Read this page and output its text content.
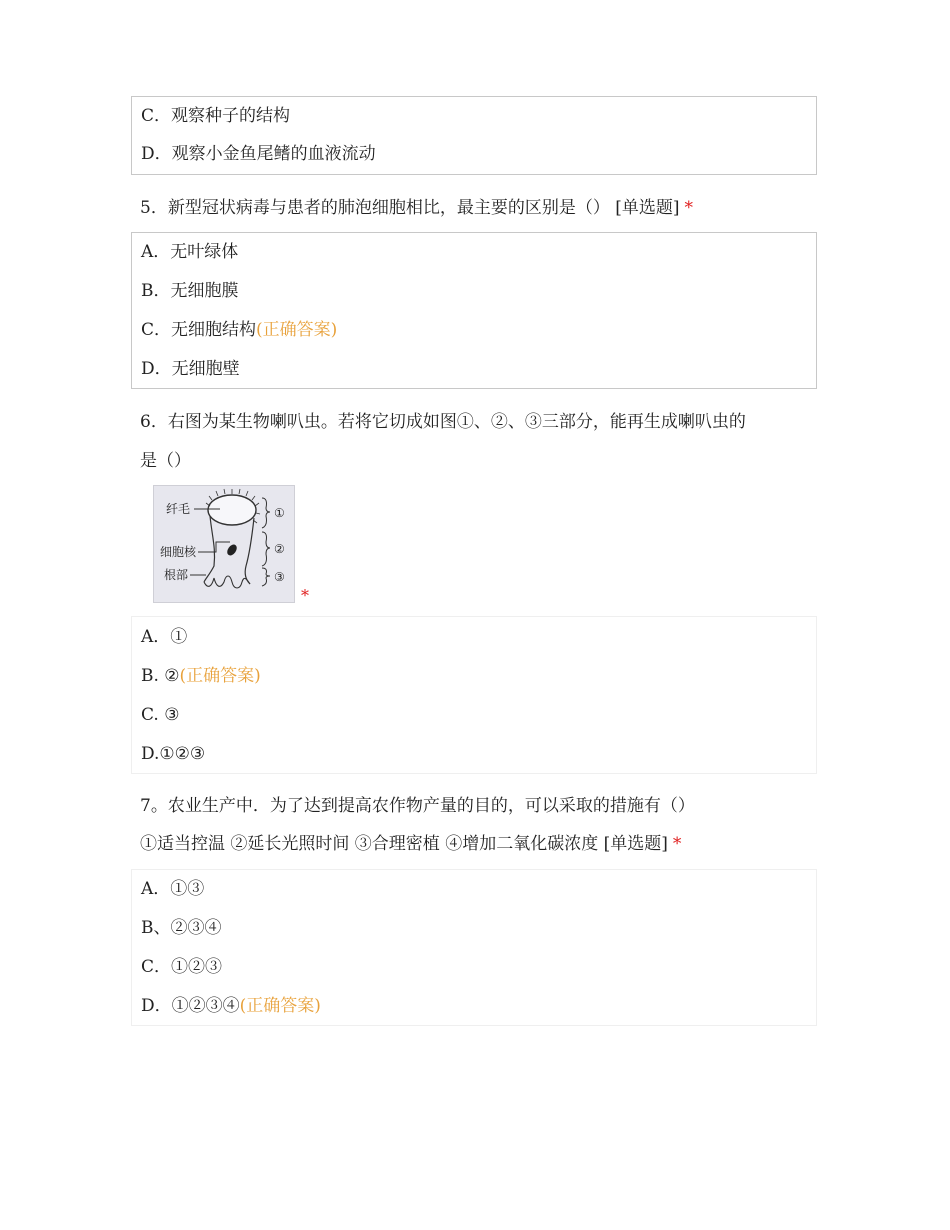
C．观察种子的结构
D．观察小金鱼尾鳍的血液流动
5．新型冠状病毒与患者的肺泡细胞相比，最主要的区别是（） [单选题] *
A．无叶绿体
B．无细胞膜
C．无细胞结构(正确答案)
D．无细胞壁
6．右图为某生物喇叭虫。若将它切成如图①、②、③三部分，能再生成喇叭虫的
是（）
纤毛
细胞核
根部
①
②
③
*
A．①
B. ②(正确答案)
C. ③
D.①②③
7。农业生产中．为了达到提高农作物产量的目的，可以采取的措施有（）
①适当控温 ②延长光照时间 ③合理密植 ④增加二氧化碳浓度 [单选题] *
A．①③
B、②③④
C．①②③
D．①②③④(正确答案)
